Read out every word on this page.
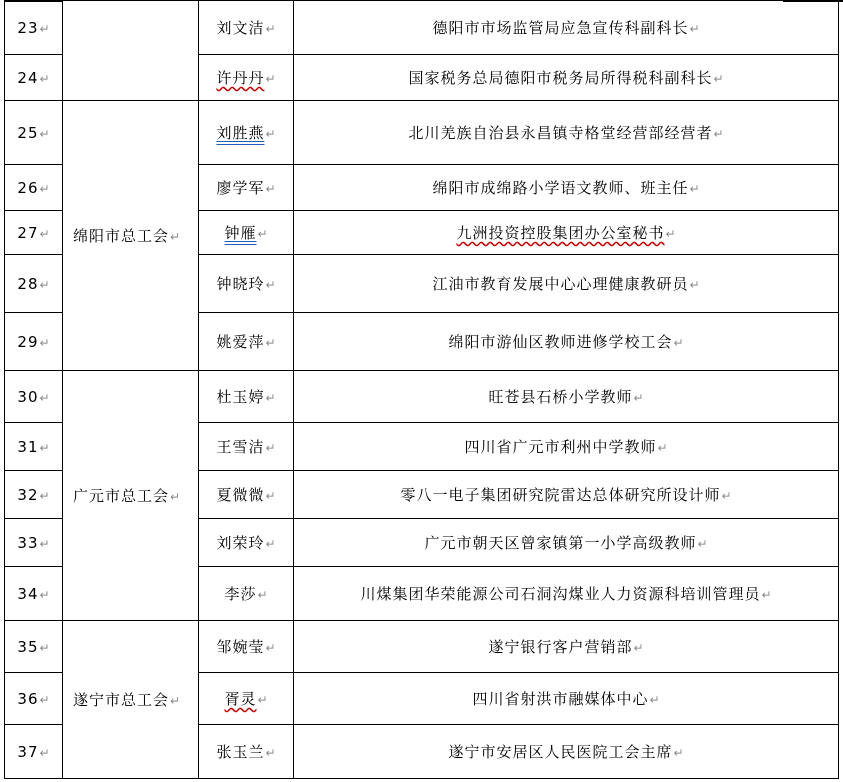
23↵		刘文洁↵	德阳市市场监管局应急宣传科副科长↵
24↵		许丹丹↵	国家税务总局德阳市税务局所得税科副科长↵
25↵	绵阳市总工会↵	刘胜燕↵	北川羌族自治县永昌镇寺格堂经营部经营者↵
26↵		廖学军↵	绵阳市成绵路小学语文教师、班主任↵
27↵		钟雁↵	九洲投资控股集团办公室秘书↵
28↵		钟晓玲↵	江油市教育发展中心心理健康教研员↵
29↵		姚爱萍↵	绵阳市游仙区教师进修学校工会↵
30↵	广元市总工会↵	杜玉婷↵	旺苍县石桥小学教师↵
31↵		王雪洁↵	四川省广元市利州中学教师↵
32↵		夏微微↵	零八一电子集团研究院雷达总体研究所设计师↵
33↵		刘荣玲↵	广元市朝天区曾家镇第一小学高级教师↵
34↵		李莎↵	川煤集团华荣能源公司石洞沟煤业人力资源科培训管理员↵
35↵	遂宁市总工会↵	邹婉莹↵	遂宁银行客户营销部↵
36↵		胥灵↵	四川省射洪市融媒体中心↵
37↵		张玉兰↵	遂宁市安居区人民医院工会主席↵
